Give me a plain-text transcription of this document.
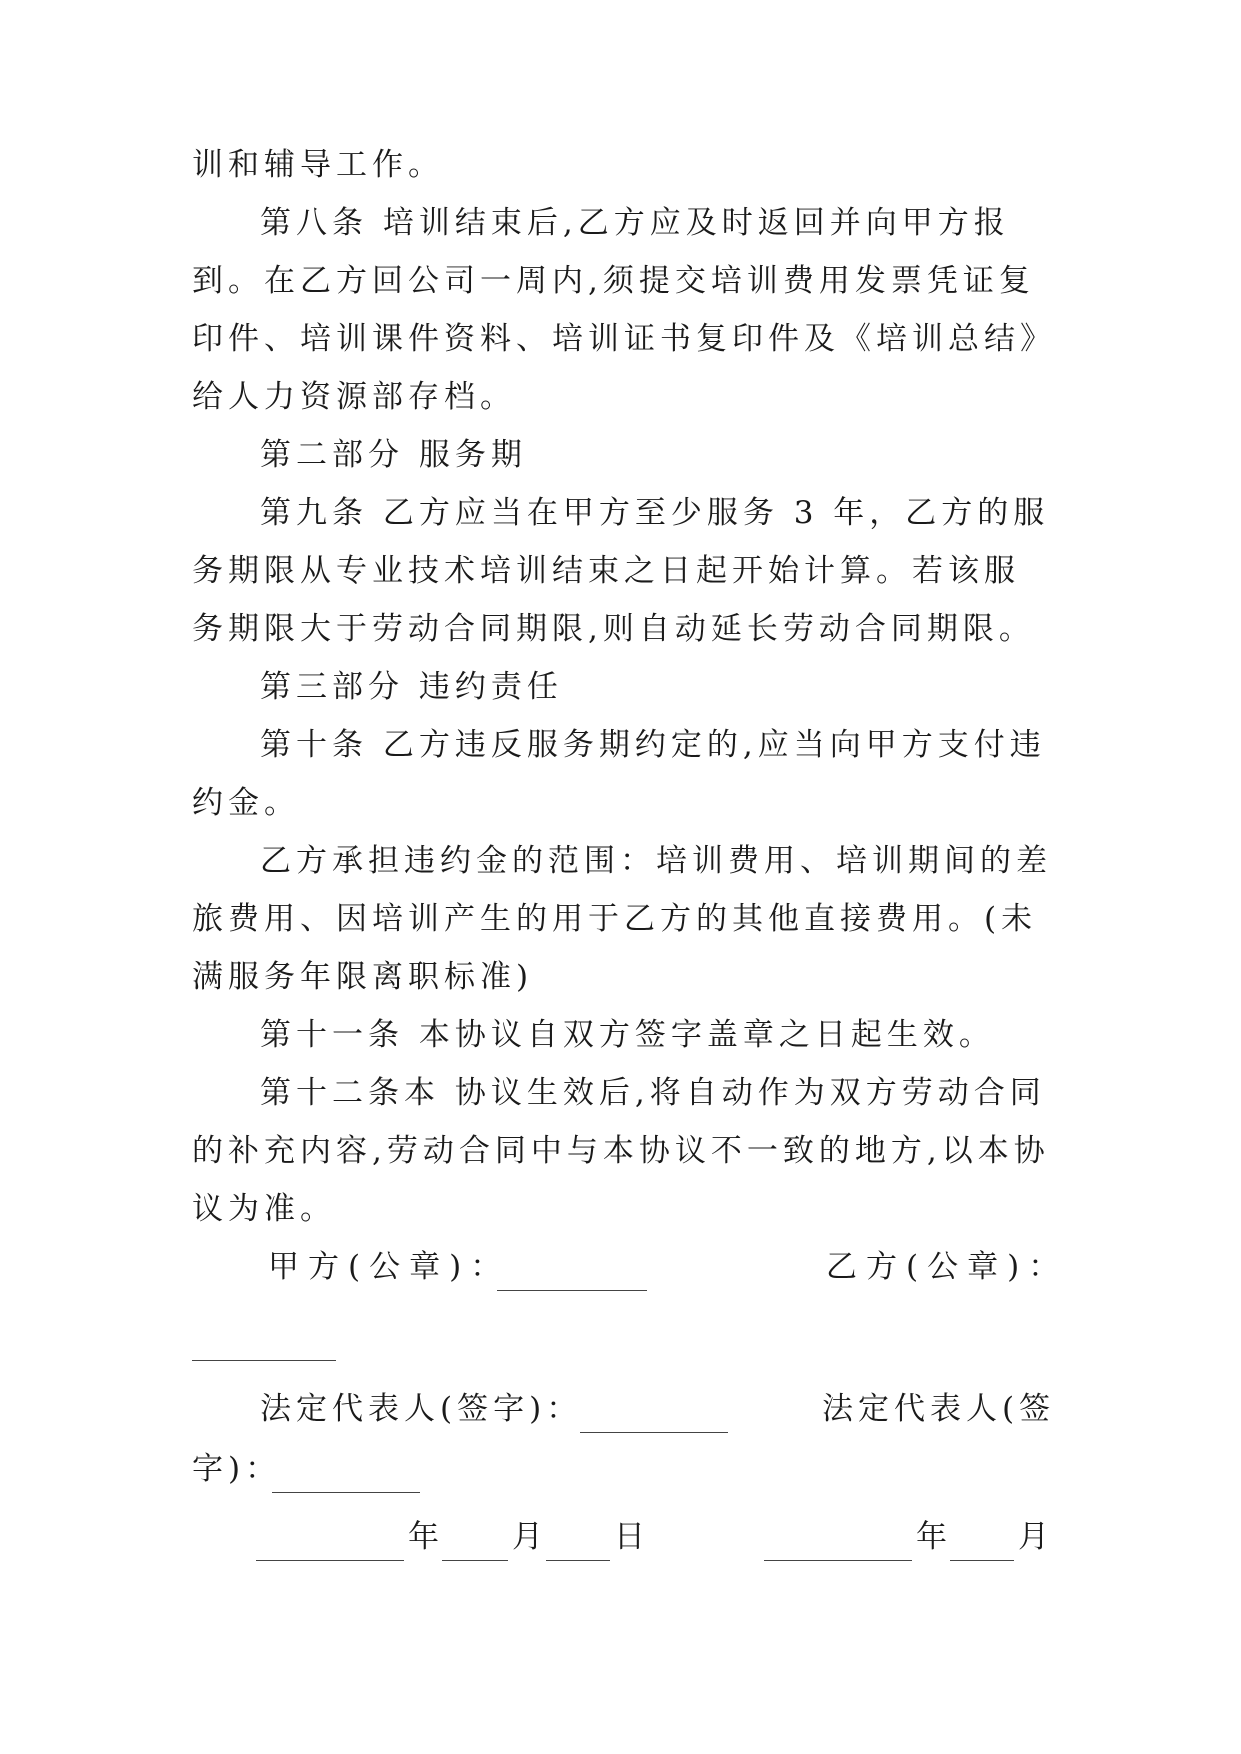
训和辅导工作。

第八条 培训结束后,乙方应及时返回并向甲方报到。在乙方回公司一周内,须提交培训费用发票凭证复印件、培训课件资料、培训证书复印件及《培训总结》给人力资源部存档。

第二部分 服务期

第九条 乙方应当在甲方至少服务 3 年，乙方的服务期限从专业技术培训结束之日起开始计算。若该服务期限大于劳动合同期限,则自动延长劳动合同期限。

第三部分 违约责任

第十条 乙方违反服务期约定的,应当向甲方支付违约金。

乙方承担违约金的范围：培训费用、培训期间的差旅费用、因培训产生的用于乙方的其他直接费用。(未满服务年限离职标准)

第十一条 本协议自双方签字盖章之日起生效。

第十二条本 协议生效后,将自动作为双方劳动合同的补充内容,劳动合同中与本协议不一致的地方,以本协议为准。

甲方(公章)：	乙方(公章)：
法定代表人(签字)：	法定代表人(签
字)：
年 月 日	年 月
